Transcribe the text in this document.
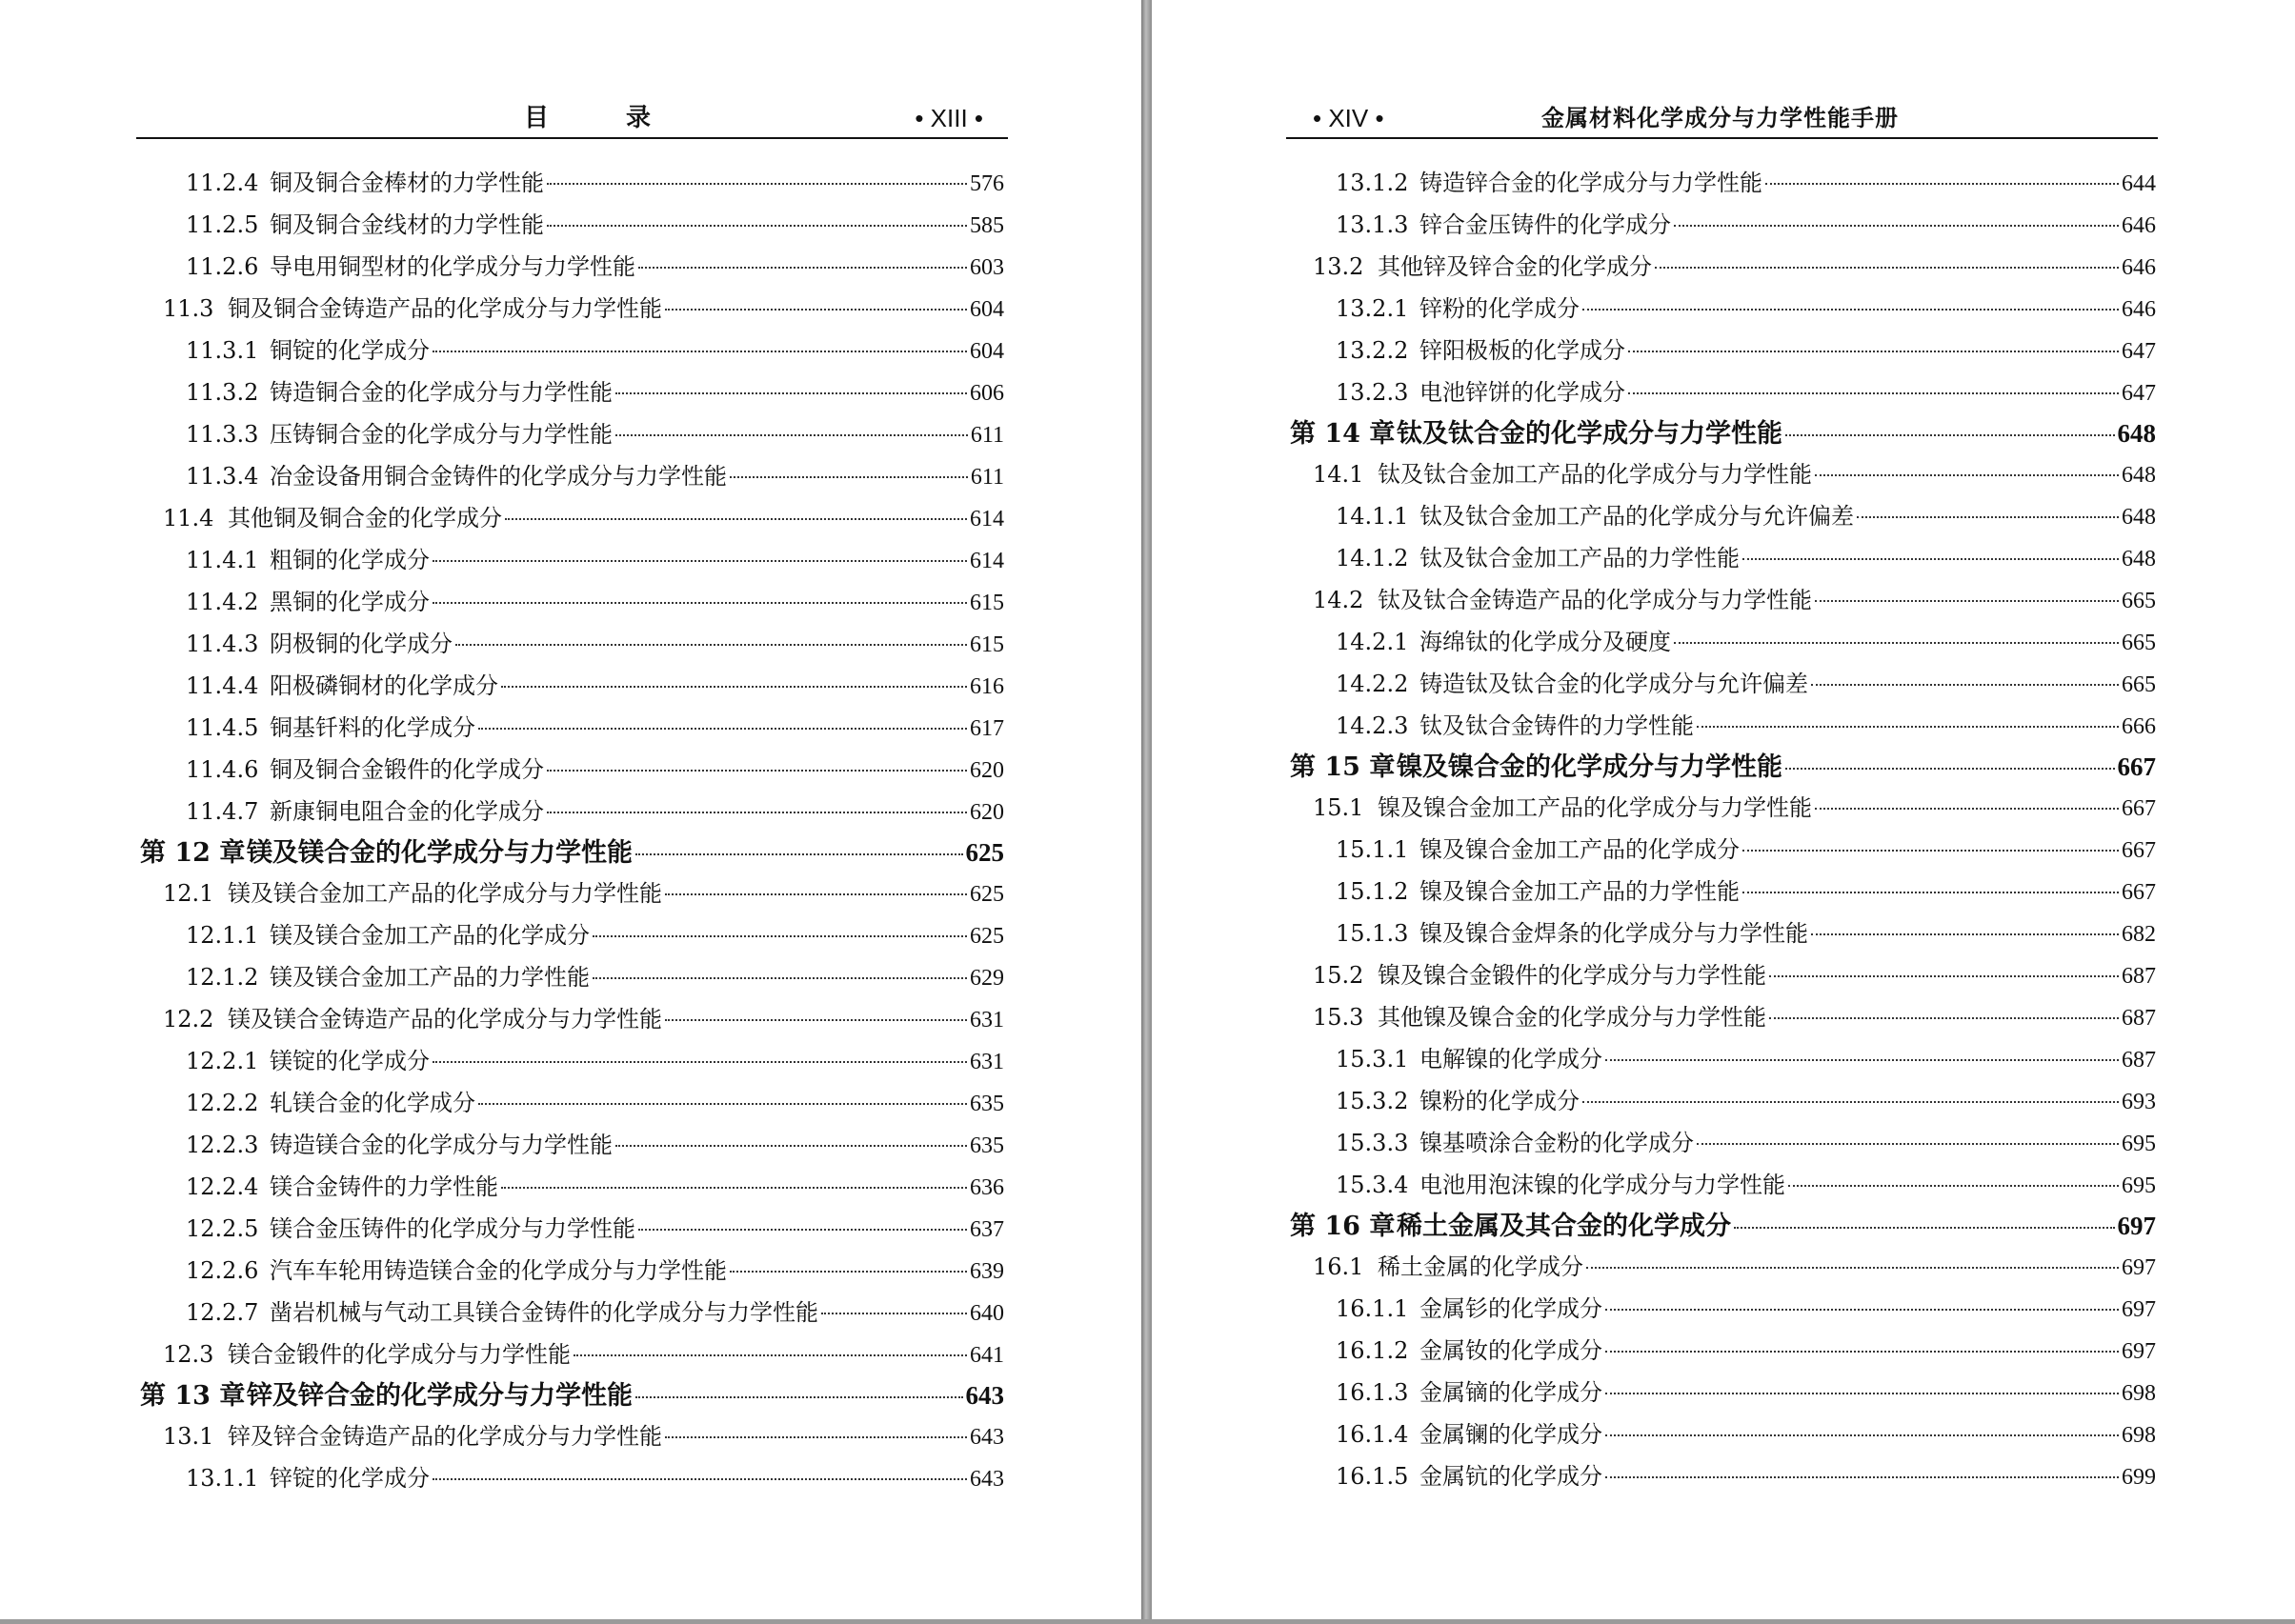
目 录	• XIII •
11.2.4 铜及铜合金棒材的力学性能	576
11.2.5 铜及铜合金线材的力学性能	585
11.2.6 导电用铜型材的化学成分与力学性能	603
11.3 铜及铜合金铸造产品的化学成分与力学性能	604
11.3.1 铜锭的化学成分	604
11.3.2 铸造铜合金的化学成分与力学性能	606
11.3.3 压铸铜合金的化学成分与力学性能	611
11.3.4 冶金设备用铜合金铸件的化学成分与力学性能	611
11.4 其他铜及铜合金的化学成分	614
11.4.1 粗铜的化学成分	614
11.4.2 黑铜的化学成分	615
11.4.3 阴极铜的化学成分	615
11.4.4 阳极磷铜材的化学成分	616
11.4.5 铜基钎料的化学成分	617
11.4.6 铜及铜合金锻件的化学成分	620
11.4.7 新康铜电阻合金的化学成分	620
第 12 章 镁及镁合金的化学成分与力学性能	625
12.1 镁及镁合金加工产品的化学成分与力学性能	625
12.1.1 镁及镁合金加工产品的化学成分	625
12.1.2 镁及镁合金加工产品的力学性能	629
12.2 镁及镁合金铸造产品的化学成分与力学性能	631
12.2.1 镁锭的化学成分	631
12.2.2 轧镁合金的化学成分	635
12.2.3 铸造镁合金的化学成分与力学性能	635
12.2.4 镁合金铸件的力学性能	636
12.2.5 镁合金压铸件的化学成分与力学性能	637
12.2.6 汽车车轮用铸造镁合金的化学成分与力学性能	639
12.2.7 凿岩机械与气动工具镁合金铸件的化学成分与力学性能	640
12.3 镁合金锻件的化学成分与力学性能	641
第 13 章 锌及锌合金的化学成分与力学性能	643
13.1 锌及锌合金铸造产品的化学成分与力学性能	643
13.1.1 锌锭的化学成分	643
• XIV •	金属材料化学成分与力学性能手册
13.1.2 铸造锌合金的化学成分与力学性能	644
13.1.3 锌合金压铸件的化学成分	646
13.2 其他锌及锌合金的化学成分	646
13.2.1 锌粉的化学成分	646
13.2.2 锌阳极板的化学成分	647
13.2.3 电池锌饼的化学成分	647
第 14 章 钛及钛合金的化学成分与力学性能	648
14.1 钛及钛合金加工产品的化学成分与力学性能	648
14.1.1 钛及钛合金加工产品的化学成分与允许偏差	648
14.1.2 钛及钛合金加工产品的力学性能	648
14.2 钛及钛合金铸造产品的化学成分与力学性能	665
14.2.1 海绵钛的化学成分及硬度	665
14.2.2 铸造钛及钛合金的化学成分与允许偏差	665
14.2.3 钛及钛合金铸件的力学性能	666
第 15 章 镍及镍合金的化学成分与力学性能	667
15.1 镍及镍合金加工产品的化学成分与力学性能	667
15.1.1 镍及镍合金加工产品的化学成分	667
15.1.2 镍及镍合金加工产品的力学性能	667
15.1.3 镍及镍合金焊条的化学成分与力学性能	682
15.2 镍及镍合金锻件的化学成分与力学性能	687
15.3 其他镍及镍合金的化学成分与力学性能	687
15.3.1 电解镍的化学成分	687
15.3.2 镍粉的化学成分	693
15.3.3 镍基喷涂合金粉的化学成分	695
15.3.4 电池用泡沫镍的化学成分与力学性能	695
第 16 章 稀土金属及其合金的化学成分	697
16.1 稀土金属的化学成分	697
16.1.1 金属钐的化学成分	697
16.1.2 金属钕的化学成分	697
16.1.3 金属镝的化学成分	698
16.1.4 金属镧的化学成分	698
16.1.5 金属钪的化学成分	699
